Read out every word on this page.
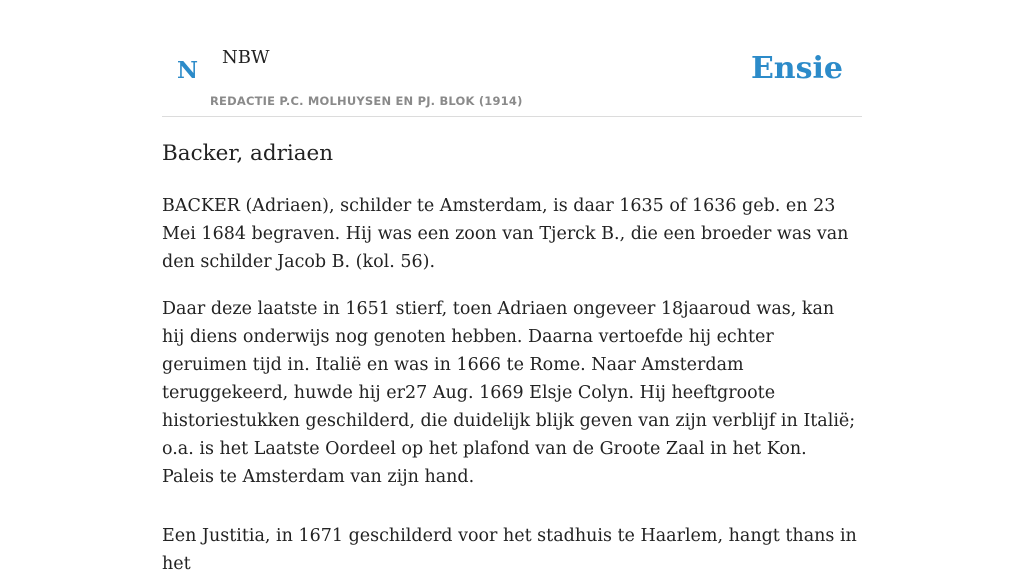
N NBW
REDACTIE P.C. MOLHUYSEN EN PJ. BLOK (1914)
Ensie
Backer, adriaen

BACKER (Adriaen), schilder te Amsterdam, is daar 1635 of 1636 geb. en 23 Mei 1684 begraven. Hij was een zoon van Tjerck B., die een broeder was van den schilder Jacob B. (kol. 56).

Daar deze laatste in 1651 stierf, toen Adriaen ongeveer 18jaaroud was, kan hij diens onderwijs nog genoten hebben. Daarna vertoefde hij echter geruimen tijd in. Italië en was in 1666 te Rome. Naar Amsterdam teruggekeerd, huwde hij er27 Aug. 1669 Elsje Colyn. Hij heeftgroote historiestukken geschilderd, die duidelijk blijk geven van zijn verblijf in Italië; o.a. is het Laatste Oordeel op het plafond van de Groote Zaal in het Kon. Paleis te Amsterdam van zijn hand.

Een Justitia, in 1671 geschilderd voor het stadhuis te Haarlem, hangt thans in het
